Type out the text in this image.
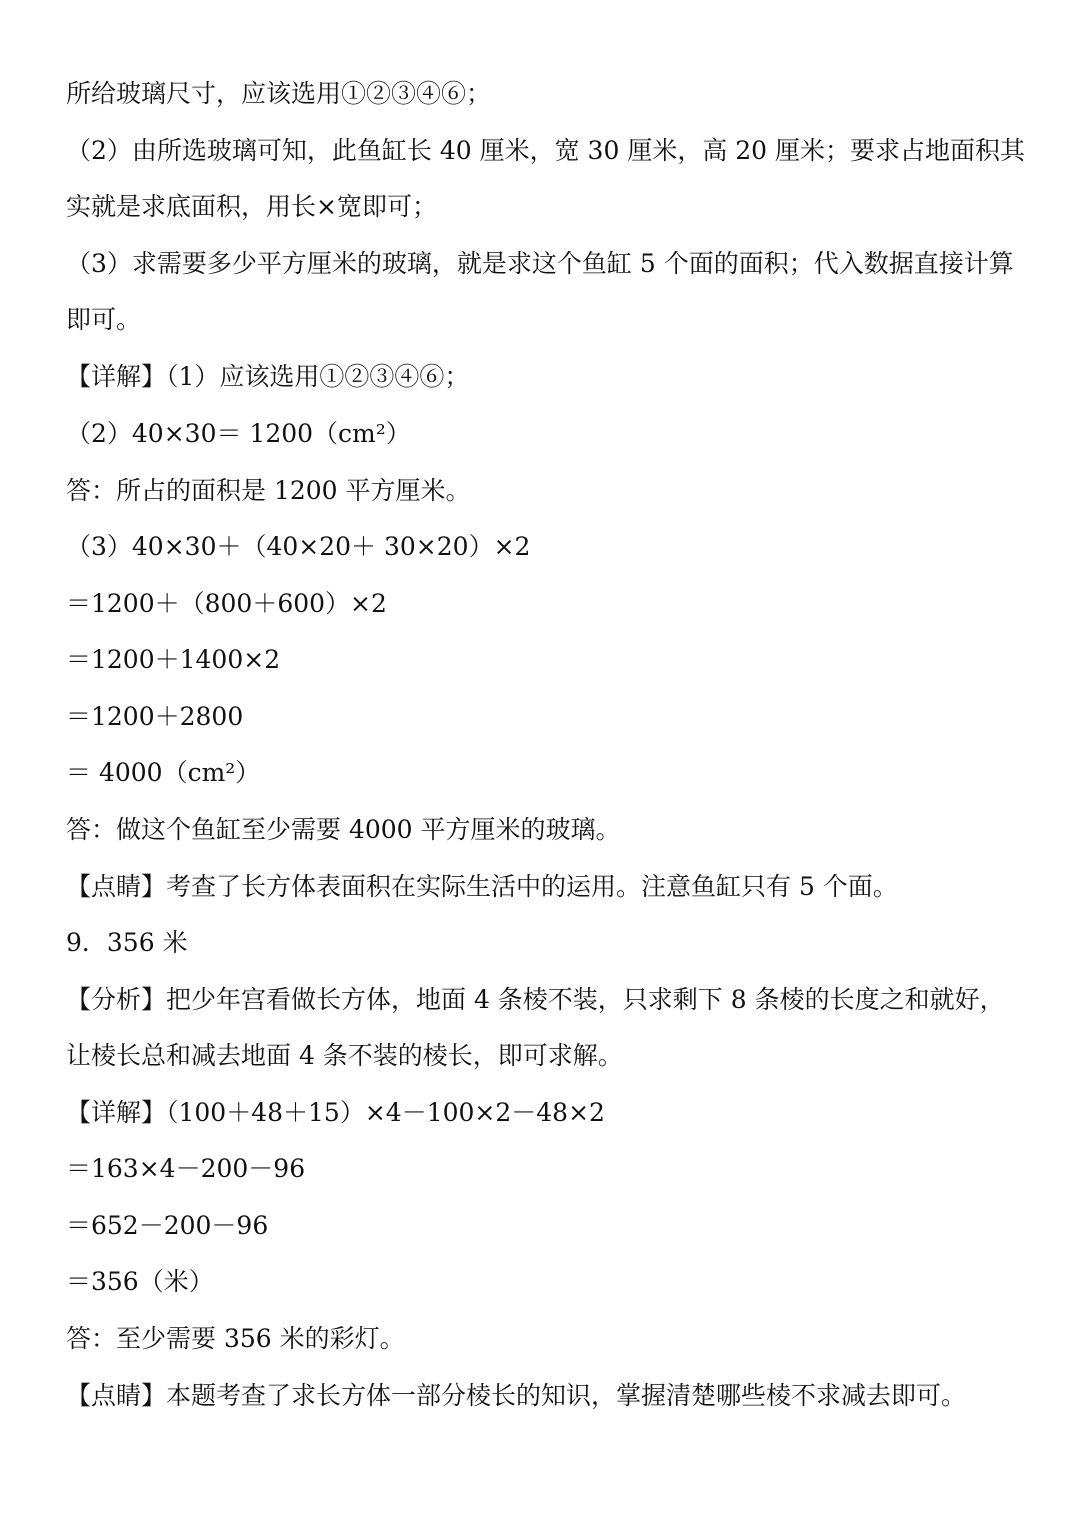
所给玻璃尺寸，应该选用①②③④⑥；
（2）由所选玻璃可知，此鱼缸长 40 厘米，宽 30 厘米，高 20 厘米；要求占地面积其
实就是求底面积，用长×宽即可；
（3）求需要多少平方厘米的玻璃，就是求这个鱼缸 5 个面的面积；代入数据直接计算
即可。
【详解】（1）应该选用①②③④⑥；
（2）40×30＝ 1200（cm²）
答：所占的面积是 1200 平方厘米。
（3）40×30＋（40×20＋ 30×20）×2
＝1200＋（800＋600）×2
＝1200＋1400×2
＝1200＋2800
＝ 4000（cm²）
答：做这个鱼缸至少需要 4000 平方厘米的玻璃。
【点睛】考查了长方体表面积在实际生活中的运用。注意鱼缸只有 5 个面。
9．356 米
【分析】把少年宫看做长方体，地面 4 条棱不装，只求剩下 8 条棱的长度之和就好，
让棱长总和减去地面 4 条不装的棱长，即可求解。
【详解】（100＋48＋15）×4－100×2－48×2
＝163×4－200－96
＝652－200－96
＝356（米）
答：至少需要 356 米的彩灯。
【点睛】本题考查了求长方体一部分棱长的知识，掌握清楚哪些棱不求减去即可。
